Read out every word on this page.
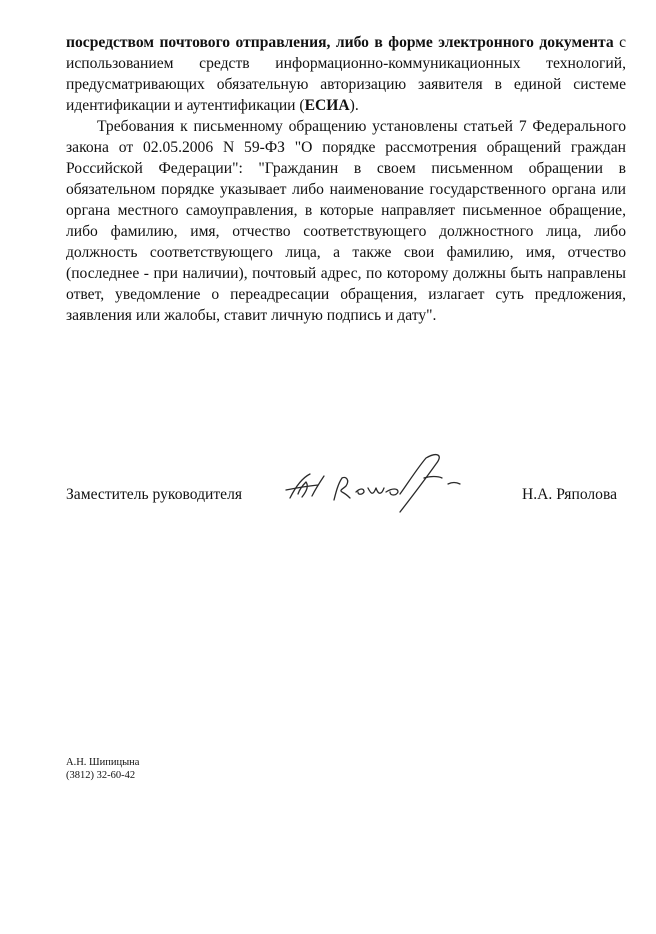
посредством почтового отправления, либо в форме электронного документа с использованием средств информационно-коммуникационных технологий, предусматривающих обязательную авторизацию заявителя в единой системе идентификации и аутентификации (ЕСИА).

Требования к письменному обращению установлены статьей 7 Федерального закона от 02.05.2006 N 59-ФЗ "О порядке рассмотрения обращений граждан Российской Федерации": "Гражданин в своем письменном обращении в обязательном порядке указывает либо наименование государственного органа или органа местного самоуправления, в которые направляет письменное обращение, либо фамилию, имя, отчество соответствующего должностного лица, либо должность соответствующего лица, а также свои фамилию, имя, отчество (последнее - при наличии), почтовый адрес, по которому должны быть направлены ответ, уведомление о переадресации обращения, излагает суть предложения, заявления или жалобы, ставит личную подпись и дату".

Заместитель руководителя	Н.А. Ряполова
А.Н. Шипицына
(3812) 32-60-42
